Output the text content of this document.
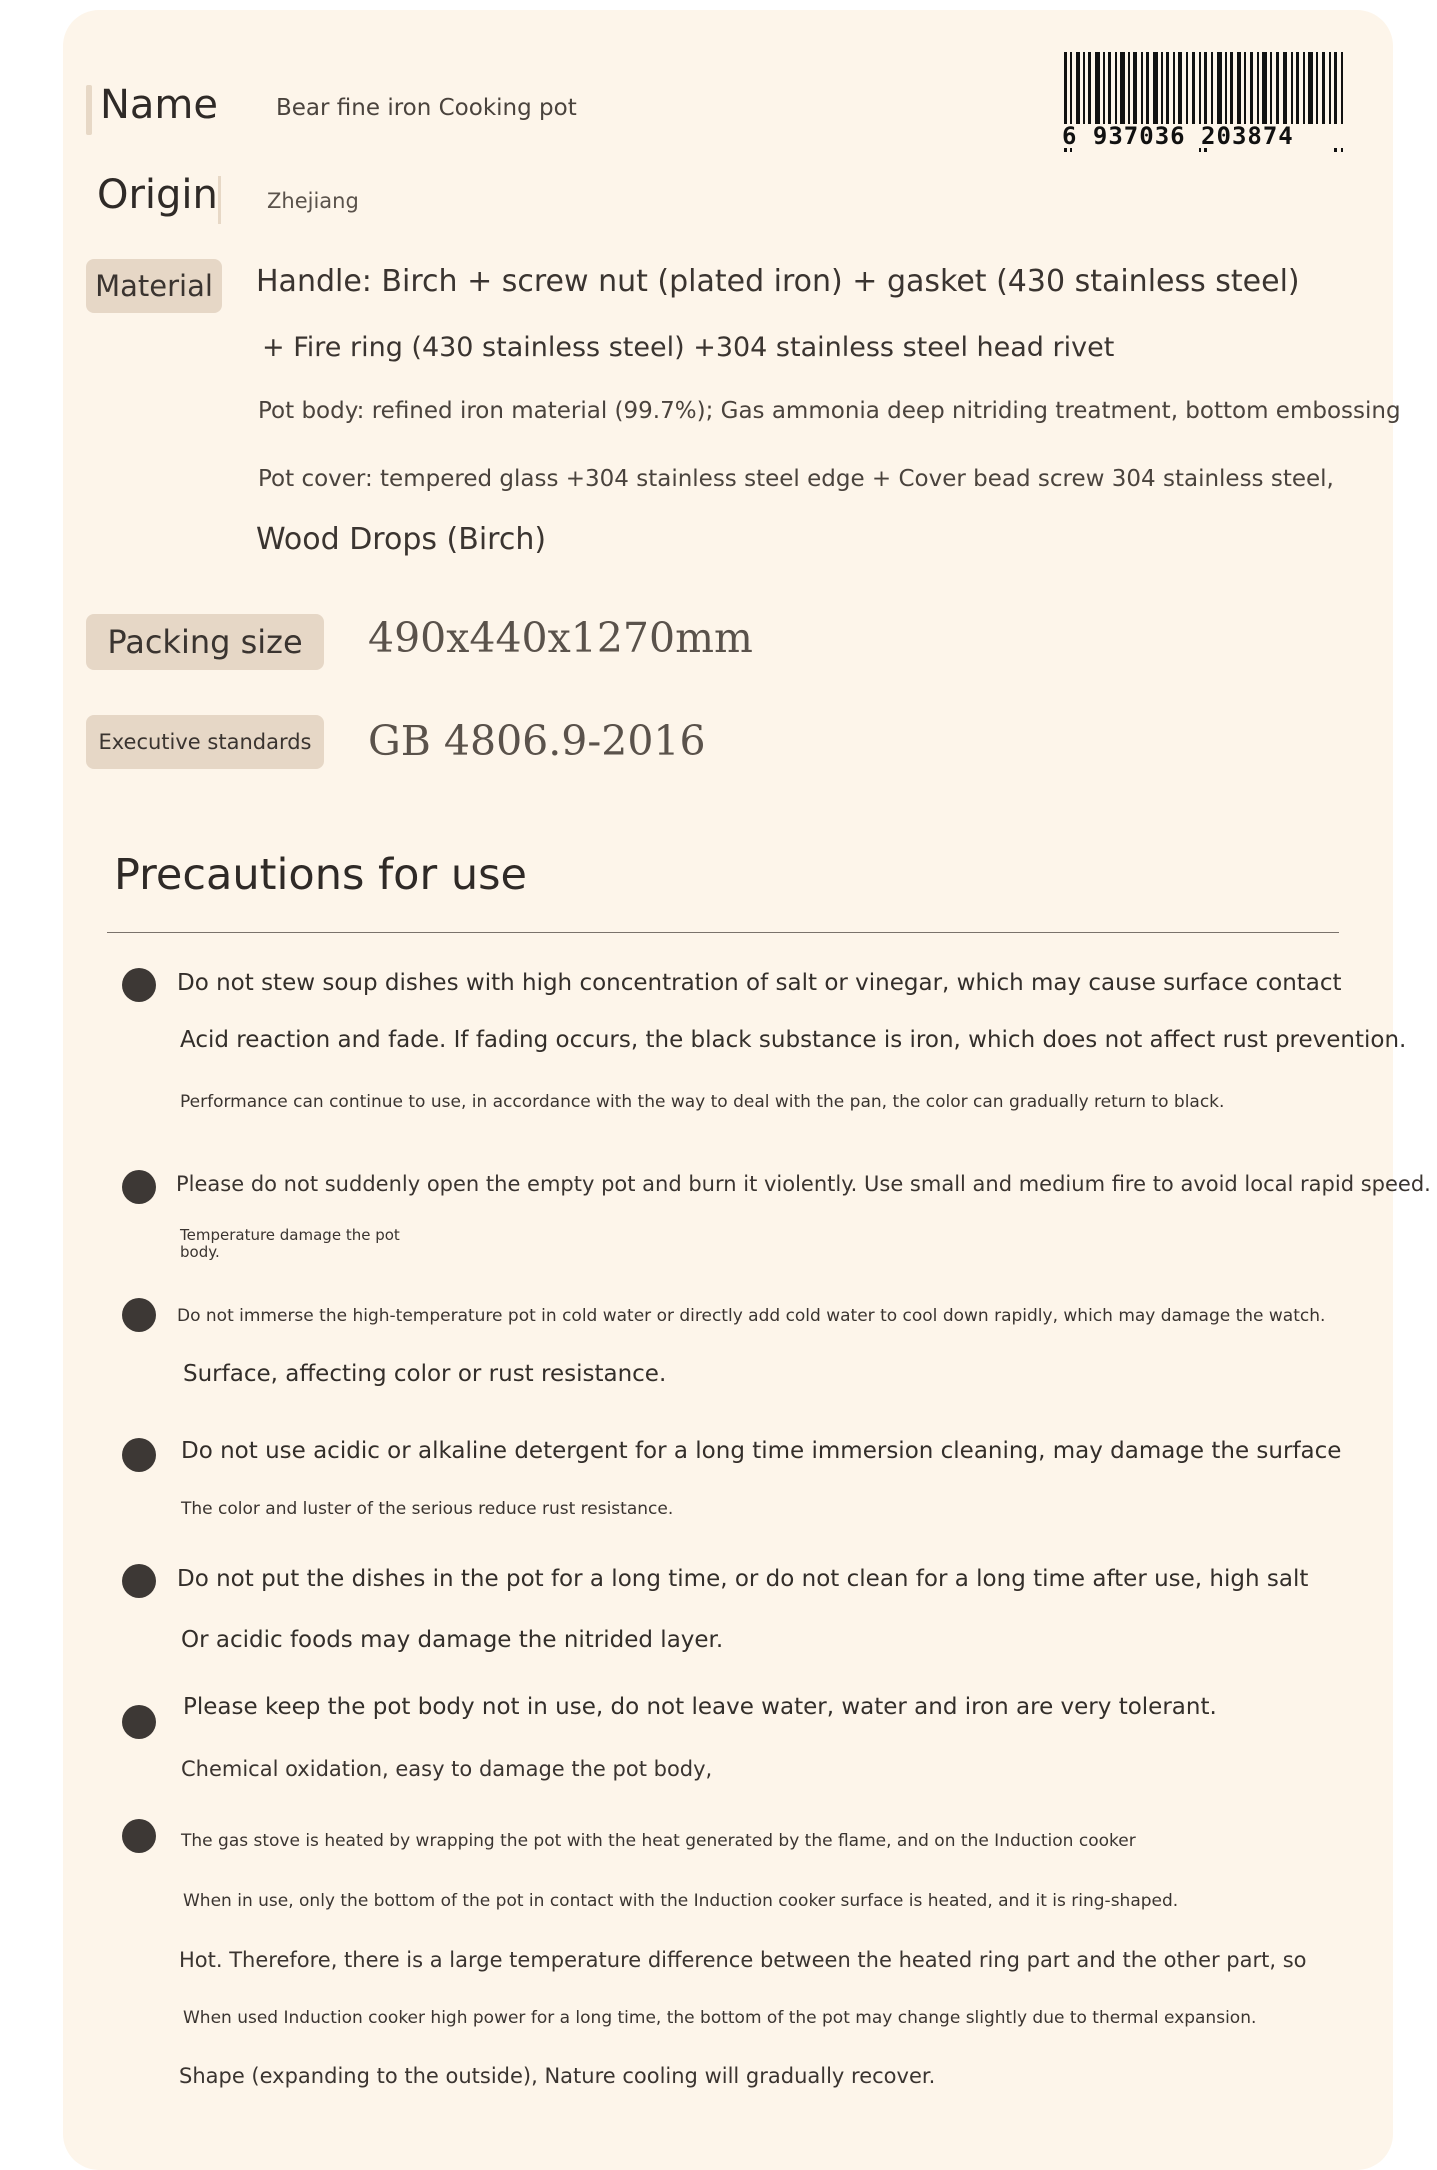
Name	Bear fine iron Cooking pot
Origin Zhejiang
Material	Handle: Birch + screw nut (plated iron) + gasket (430 stainless steel)
+ Fire ring (430 stainless steel) +304 stainless steel head rivet
Pot body: refined iron material (99.7%); Gas ammonia deep nitriding treatment, bottom embossing
Pot cover: tempered glass +304 stainless steel edge + Cover bead screw 304 stainless steel,
Wood Drops (Birch)
Packing size	490x440x1270mm
Executive standards	GB 4806.9-2016
6 937036 203874
Precautions for use
Do not stew soup dishes with high concentration of salt or vinegar, which may cause surface contact
Acid reaction and fade. If fading occurs, the black substance is iron, which does not affect rust prevention.
Performance can continue to use, in accordance with the way to deal with the pan, the color can gradually return to black.
Please do not suddenly open the empty pot and burn it violently. Use small and medium fire to avoid local rapid speed.
Temperature damage the pot body.
Do not immerse the high-temperature pot in cold water or directly add cold water to cool down rapidly, which may damage the watch.
Surface, affecting color or rust resistance.
Do not use acidic or alkaline detergent for a long time immersion cleaning, may damage the surface
The color and luster of the serious reduce rust resistance.
Do not put the dishes in the pot for a long time, or do not clean for a long time after use, high salt
Or acidic foods may damage the nitrided layer.
Please keep the pot body not in use, do not leave water, water and iron are very tolerant.
Chemical oxidation, easy to damage the pot body,
The gas stove is heated by wrapping the pot with the heat generated by the flame, and on the Induction cooker
When in use, only the bottom of the pot in contact with the Induction cooker surface is heated, and it is ring-shaped.
Hot. Therefore, there is a large temperature difference between the heated ring part and the other part, so
When used Induction cooker high power for a long time, the bottom of the pot may change slightly due to thermal expansion.
Shape (expanding to the outside), Nature cooling will gradually recover.
